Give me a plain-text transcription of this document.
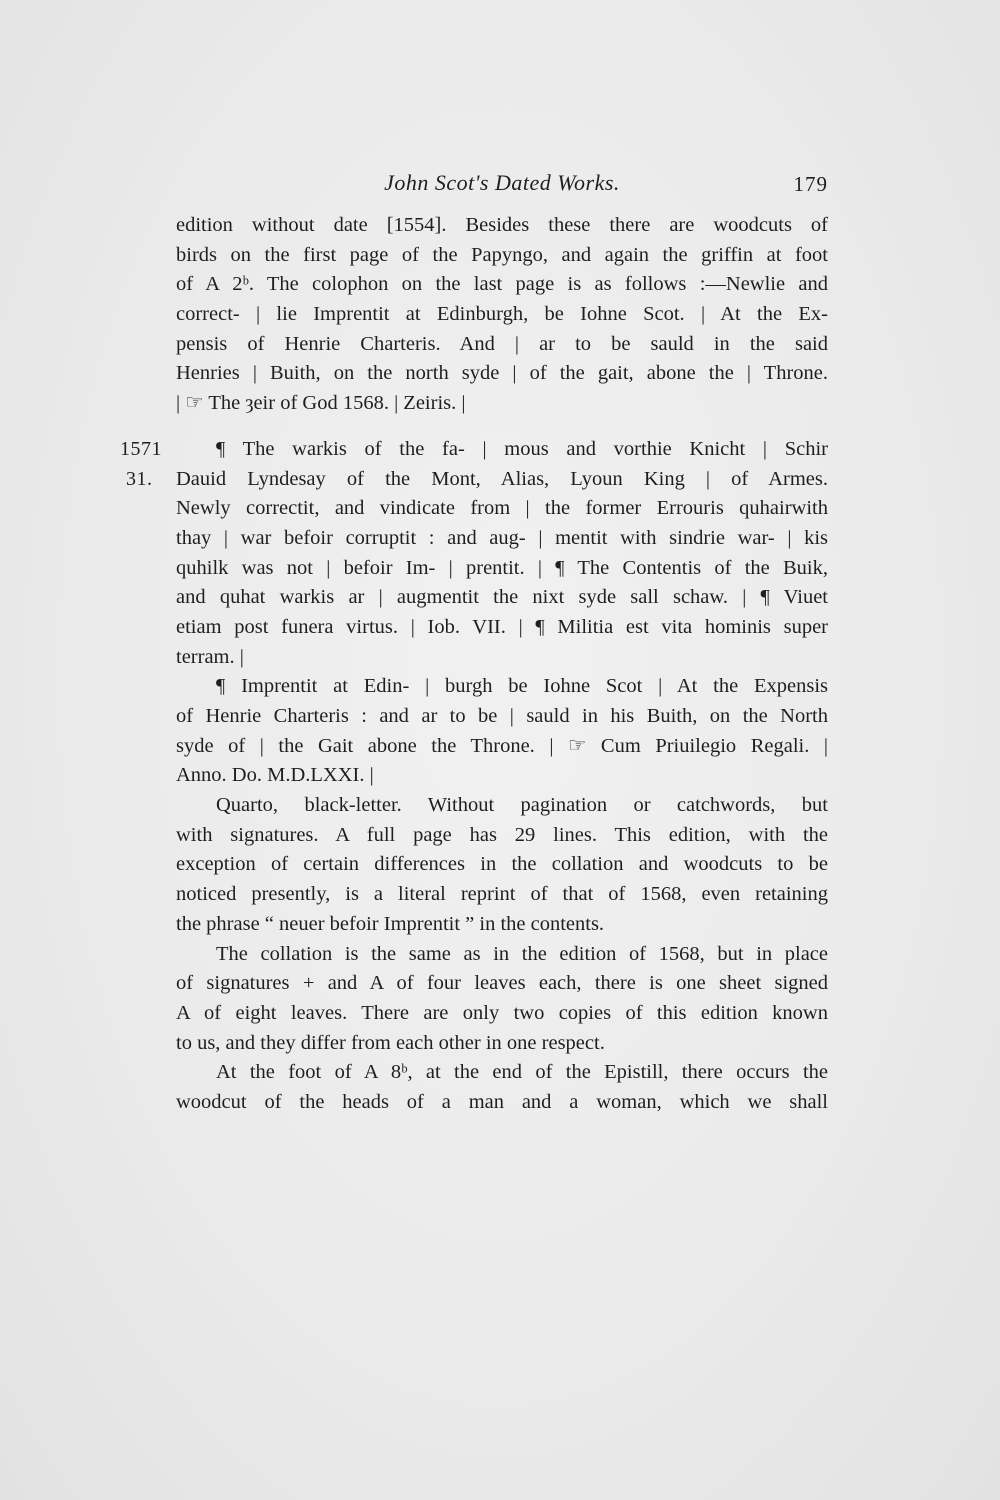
John Scot's Dated Works.	179
edition without date [1554]. Besides these there are woodcuts of
birds on the first page of the Papyngo, and again the griffin at foot
of A 2ᵇ. The colophon on the last page is as follows :—Newlie and
correct- | lie Imprentit at Edinburgh, be Iohne Scot. | At the Ex-
pensis of Henrie Charteris. And | ar to be sauld in the said
Henries | Buith, on the north syde | of the gait, abone the | Throne.
| ☞ The ȝeir of God 1568. | Zeiris. |
1571	¶ The warkis of the fa- | mous and vorthie Knicht | Schir
31. Dauid Lyndesay of the Mont, Alias, Lyoun King | of Armes.
Newly correctit, and vindicate from | the former Errouris quhairwith
thay | war befoir corruptit : and aug- | mentit with sindrie war- | kis
quhilk was not | befoir Im- | prentit. | ¶ The Contentis of the Buik,
and quhat warkis ar | augmentit the nixt syde sall schaw. | ¶ Viuet
etiam post funera virtus. | Iob. VII. | ¶ Militia est vita hominis super
terram. |
¶ Imprentit at Edin- | burgh be Iohne Scot | At the Expensis
of Henrie Charteris : and ar to be | sauld in his Buith, on the North
syde of | the Gait abone the Throne. | ☞ Cum Priuilegio Regali. |
Anno. Do. M.D.LXXI. |
Quarto, black-letter. Without pagination or catchwords, but
with signatures. A full page has 29 lines. This edition, with the
exception of certain differences in the collation and woodcuts to be
noticed presently, is a literal reprint of that of 1568, even retaining
the phrase “ neuer befoir Imprentit ” in the contents.
The collation is the same as in the edition of 1568, but in place
of signatures + and A of four leaves each, there is one sheet signed
A of eight leaves. There are only two copies of this edition known
to us, and they differ from each other in one respect.
At the foot of A 8ᵇ, at the end of the Epistill, there occurs the
woodcut of the heads of a man and a woman, which we shall
